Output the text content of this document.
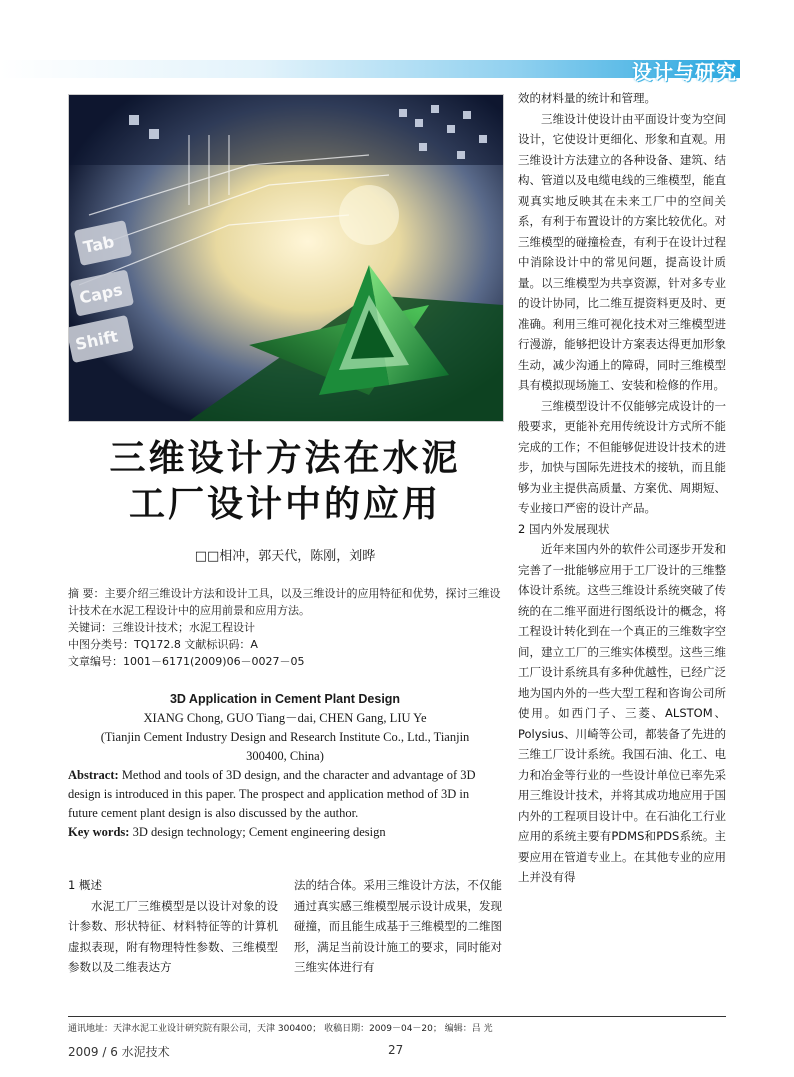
设计与研究
Tab
Caps
Shift
三维设计方法在水泥
工厂设计中的应用
□□相冲，郭天代，陈刚，刘晔

摘 要：主要介绍三维设计方法和设计工具，以及三维设计的应用特征和优势，探讨三维设计技术在水泥工程设计中的应用前景和应用方法。

关键词：三维设计技术；水泥工程设计

中图分类号：TQ172.8 文献标识码：A

文章编号：1001－6171(2009)06－0027－05

3D Application in Cement Plant Design

XIANG Chong, GUO Tiang－dai, CHEN Gang, LIU Ye

(Tianjin Cement Industry Design and Research Institute Co., Ltd., Tianjin

300400, China)

Abstract: Method and tools of 3D design, and the character and advantage of 3D design is introduced in this paper. The prospect and application method of 3D in future cement plant design is also discussed by the author.

Key words: 3D design technology; Cement engineering design

1 概述

水泥工厂三维模型是以设计对象的设计参数、形状特征、材料特征等的计算机虚拟表现，附有物理特性参数、三维模型参数以及二维表达方

法的结合体。采用三维设计方法，不仅能通过真实感三维模型展示设计成果，发现碰撞，而且能生成基于三维模型的二维图形，满足当前设计施工的要求，同时能对三维实体进行有

效的材料量的统计和管理。

三维设计使设计由平面设计变为空间设计，它使设计更细化、形象和直观。用三维设计方法建立的各种设备、建筑、结构、管道以及电缆电线的三维模型，能直观真实地反映其在未来工厂中的空间关系，有利于布置设计的方案比较优化。对三维模型的碰撞检查，有利于在设计过程中消除设计中的常见问题，提高设计质量。以三维模型为共享资源，针对多专业的设计协同，比二维互提资料更及时、更准确。利用三维可视化技术对三维模型进行漫游，能够把设计方案表达得更加形象生动，减少沟通上的障碍，同时三维模型具有模拟现场施工、安装和检修的作用。

三维模型设计不仅能够完成设计的一般要求，更能补充用传统设计方式所不能完成的工作；不但能够促进设计技术的进步，加快与国际先进技术的接轨，而且能够为业主提供高质量、方案优、周期短、专业接口严密的设计产品。

2 国内外发展现状

近年来国内外的软件公司逐步开发和完善了一批能够应用于工厂设计的三维整体设计系统。这些三维设计系统突破了传统的在二维平面进行图纸设计的概念，将工程设计转化到在一个真正的三维数字空间，建立工厂的三维实体模型。这些三维工厂设计系统具有多种优越性，已经广泛地为国内外的一些大型工程和咨询公司所使用。如西门子、三菱、ALSTOM、Polysius、川崎等公司，都装备了先进的三维工厂设计系统。我国石油、化工、电力和冶金等行业的一些设计单位已率先采用三维设计技术，并将其成功地应用于国内外的工程项目设计中。在石油化工行业应用的系统主要有PDMS和PDS系统。主要应用在管道专业上。在其他专业的应用上并没有得

通讯地址：天津水泥工业设计研究院有限公司，天津 300400； 收稿日期：2009－04－20； 编辑：吕 光
2009 / 6 水泥技术	27
